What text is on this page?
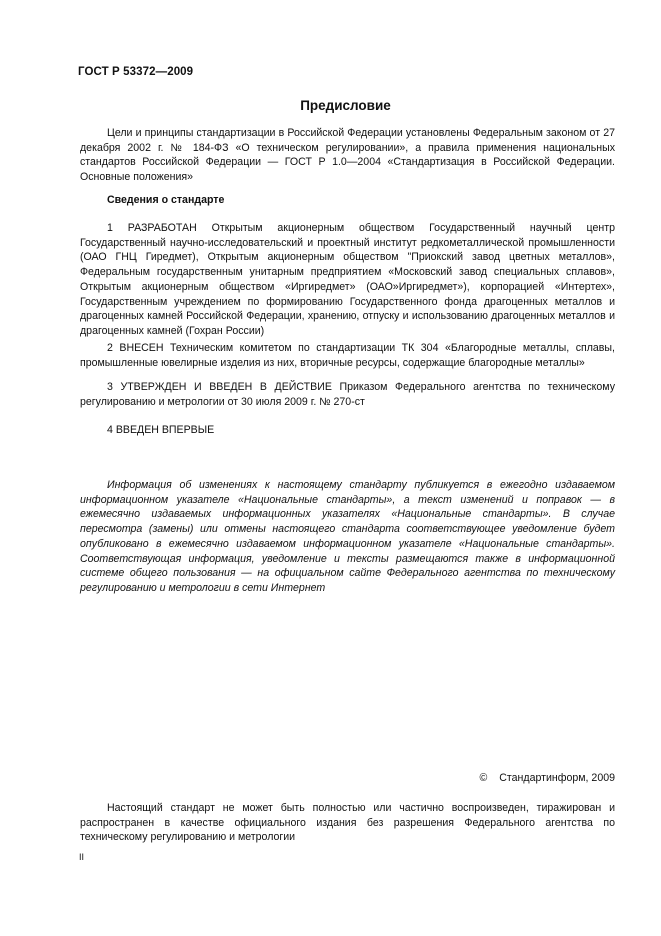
ГОСТ Р 53372—2009
Предисловие

Цели и принципы стандартизации в Российской Федерации установлены Федеральным законом от 27 декабря 2002 г. № 184-ФЗ «О техническом регулировании», а правила применения национальных стандартов Российской Федерации — ГОСТ Р 1.0—2004 «Стандартизация в Российской Федерации. Основные положения»

Сведения о стандарте

1 РАЗРАБОТАН Открытым акционерным обществом Государственный научный центр Государственный научно-исследовательский и проектный институт редкометаллической промышленности (ОАО ГНЦ Гиредмет), Открытым акционерным обществом "Приокский завод цветных металлов», Федеральным государственным унитарным предприятием «Московский завод специальных сплавов», Открытым акционерным обществом «Иргиредмет» (ОАО»Иргиредмет»), корпорацией «Интертех», Государственным учреждением по формированию Государственного фонда драгоценных металлов и драгоценных камней Российской Федерации, хранению, отпуску и использованию драгоценных металлов и драгоценных камней (Гохран России)

2 ВНЕСЕН Техническим комитетом по стандартизации ТК 304 «Благородные металлы, сплавы, промышленные ювелирные изделия из них, вторичные ресурсы, содержащие благородные металлы»

3 УТВЕРЖДЕН И ВВЕДЕН В ДЕЙСТВИЕ Приказом Федерального агентства по техническому регулированию и метрологии от 30 июля 2009 г. № 270-ст

4 ВВЕДЕН ВПЕРВЫЕ

Информация об изменениях к настоящему стандарту публикуется в ежегодно издаваемом информационном указателе «Национальные стандарты», а текст изменений и поправок — в ежемесячно издаваемых информационных указателях «Национальные стандарты». В случае пересмотра (замены) или отмены настоящего стандарта соответствующее уведомление будет опубликовано в ежемесячно издаваемом информационном указателе «Национальные стандарты». Соответствующая информация, уведомление и тексты размещаются также в информационной системе общего пользования — на официальном сайте Федерального агентства по техническому регулированию и метрологии в сети Интернет

© Стандартинформ, 2009

Настоящий стандарт не может быть полностью или частично воспроизведен, тиражирован и распространен в качестве официального издания без разрешения Федерального агентства по техническому регулированию и метрологии

II
